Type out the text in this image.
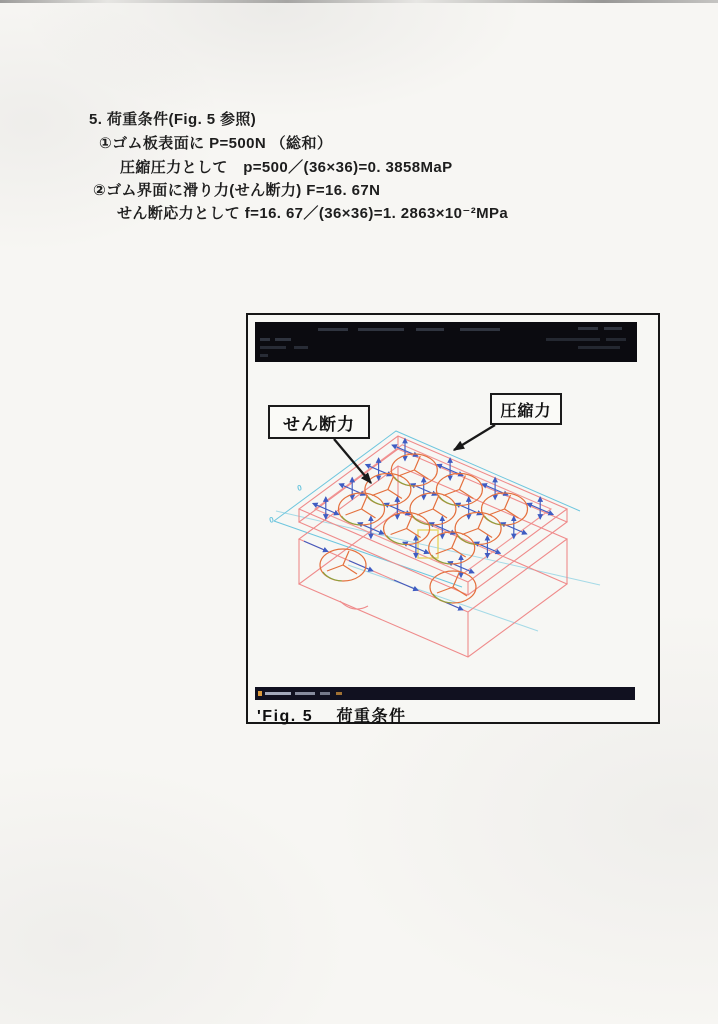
5. 荷重条件(Fig. 5 参照)
①ゴム板表面に P=500N （総和）
圧縮圧力として　p=500／(36×36)=0. 3858MaP
②ゴム界面に滑り力(せん断力) F=16. 67N
せん断応力として f=16. 67／(36×36)=1. 2863×10⁻²MPa
0
0
せん断力
圧縮力
'Fig. 5　 荷重条件
